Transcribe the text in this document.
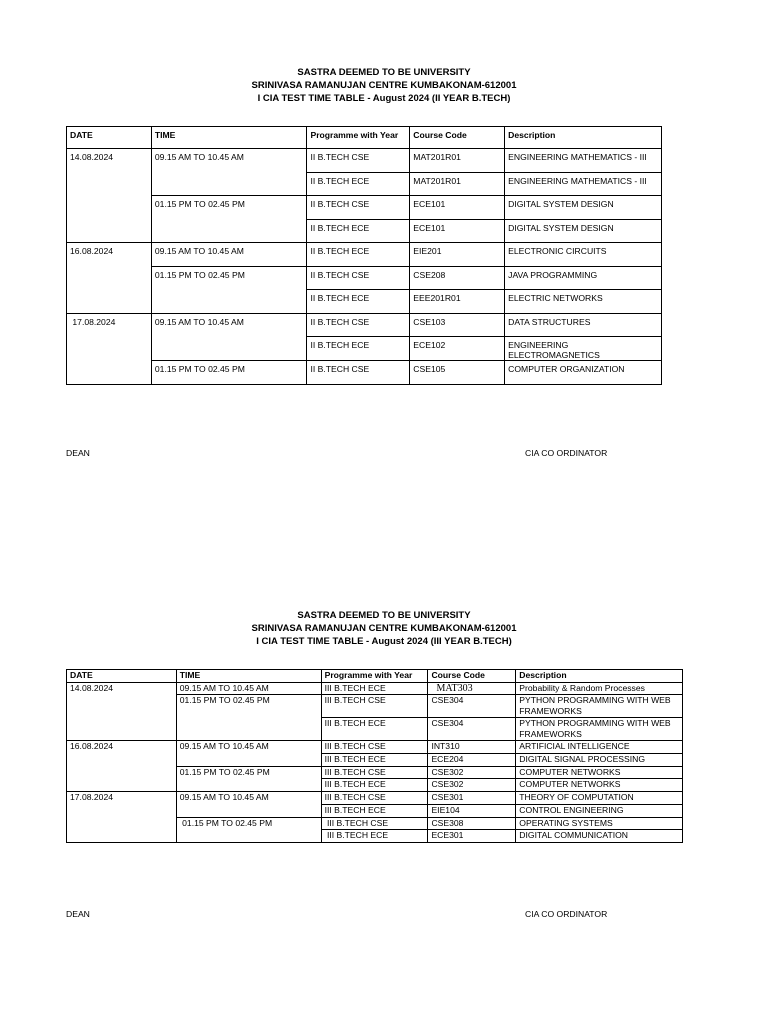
SASTRA DEEMED TO BE UNIVERSITY
SRINIVASA RAMANUJAN CENTRE KUMBAKONAM-612001
I CIA TEST TIME TABLE - August 2024 (II YEAR B.TECH)
DATE	TIME	Programme with Year	Course Code	Description
14.08.2024	09.15 AM TO 10.45 AM	II B.TECH CSE	MAT201R01	ENGINEERING MATHEMATICS - III
		II B.TECH ECE	MAT201R01	ENGINEERING MATHEMATICS - III
	01.15 PM TO 02.45 PM	II B.TECH CSE	ECE101	DIGITAL SYSTEM DESIGN
		II B.TECH ECE	ECE101	DIGITAL SYSTEM DESIGN
16.08.2024	09.15 AM TO 10.45 AM	II B.TECH ECE	EIE201	ELECTRONIC CIRCUITS
	01.15 PM TO 02.45 PM	II B.TECH CSE	CSE208	JAVA PROGRAMMING
		II B.TECH ECE	EEE201R01	ELECTRIC NETWORKS
17.08.2024	09.15 AM TO 10.45 AM	II B.TECH CSE	CSE103	DATA STRUCTURES
		II B.TECH ECE	ECE102	ENGINEERING ELECTROMAGNETICS
	01.15 PM TO 02.45 PM	II B.TECH CSE	CSE105	COMPUTER ORGANIZATION
DEAN	CIA CO ORDINATOR
SASTRA DEEMED TO BE UNIVERSITY
SRINIVASA RAMANUJAN CENTRE KUMBAKONAM-612001
I CIA TEST TIME TABLE - August 2024 (III YEAR B.TECH)
DATE	TIME	Programme with Year	Course Code	Description
14.08.2024	09.15 AM TO 10.45 AM	III B.TECH ECE	MAT303	Probability & Random Processes
	01.15 PM TO 02.45 PM	III B.TECH CSE	CSE304	PYTHON PROGRAMMING WITH WEB FRAMEWORKS
		III B.TECH ECE	CSE304	PYTHON PROGRAMMING WITH WEB FRAMEWORKS
16.08.2024	09.15 AM TO 10.45 AM	III B.TECH CSE	INT310	ARTIFICIAL INTELLIGENCE
		III B.TECH ECE	ECE204	DIGITAL SIGNAL PROCESSING
	01.15 PM TO 02.45 PM	III B.TECH CSE	CSE302	COMPUTER NETWORKS
		III B.TECH ECE	CSE302	COMPUTER NETWORKS
17.08.2024	09.15 AM TO 10.45 AM	III B.TECH CSE	CSE301	THEORY OF COMPUTATION
		III B.TECH ECE	EIE104	CONTROL ENGINEERING
	01.15 PM TO 02.45 PM	III B.TECH CSE	CSE308	OPERATING SYSTEMS
		III B.TECH ECE	ECE301	DIGITAL COMMUNICATION
DEAN	CIA CO ORDINATOR
